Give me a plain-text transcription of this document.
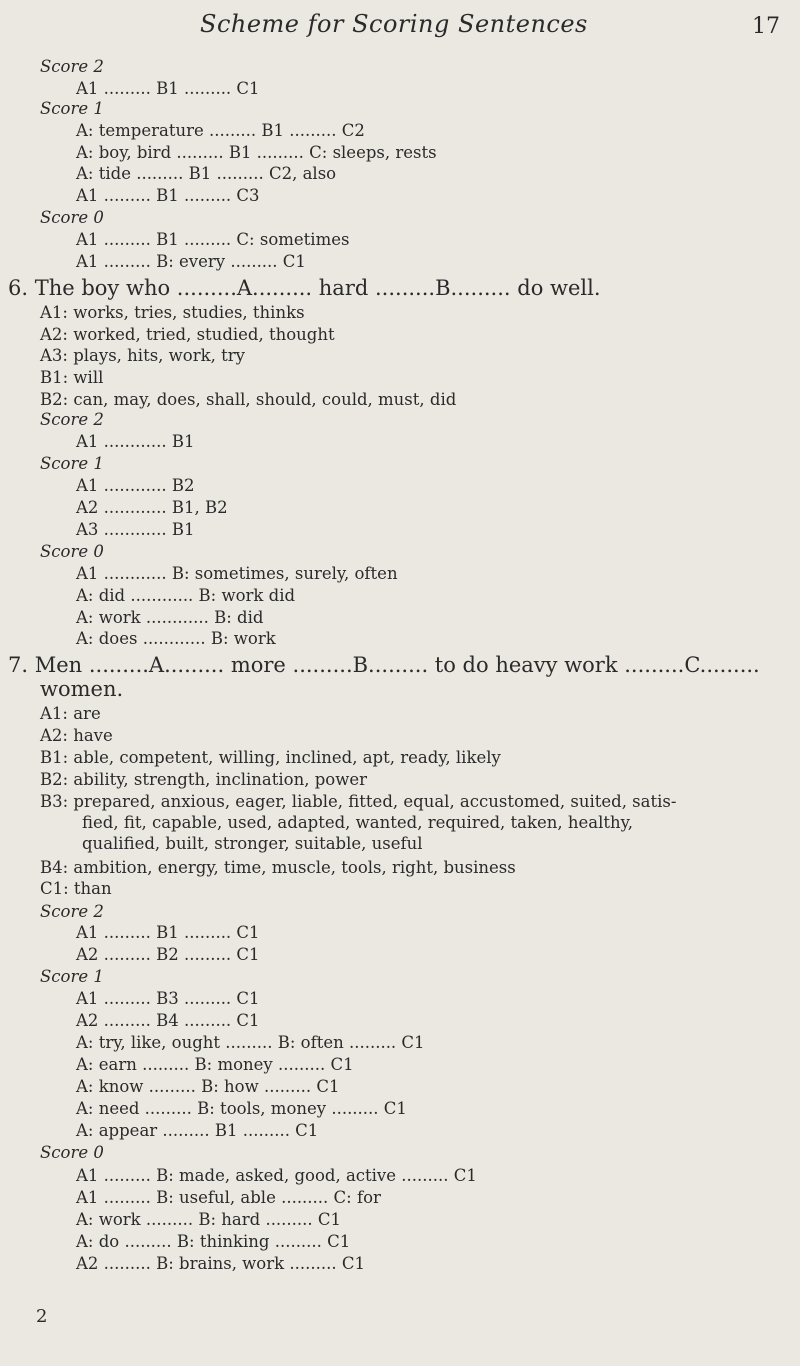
Scheme for Scoring Sentences	17
Score 2
A1 ......... B1 ......... C1
Score 1
A: temperature ......... B1 ......... C2
A: boy, bird ......... B1 ......... C: sleeps, rests
A: tide ......... B1 ......... C2, also
A1 ......... B1 ......... C3
Score 0
A1 ......... B1 ......... C: sometimes
A1 ......... B: every ......... C1
6. The boy who .........A......... hard .........B......... do well.
A1: works, tries, studies, thinks
A2: worked, tried, studied, thought
A3: plays, hits, work, try
B1: will
B2: can, may, does, shall, should, could, must, did
Score 2
A1 ............ B1
Score 1
A1 ............ B2
A2 ............ B1, B2
A3 ............ B1
Score 0
A1 ............ B: sometimes, surely, often
A: did ............ B: work did
A: work ............ B: did
A: does ............ B: work
7. Men .........A......... more .........B......... to do heavy work .........C.........
women.
A1: are
A2: have
B1: able, competent, willing, inclined, apt, ready, likely
B2: ability, strength, inclination, power
B3: prepared, anxious, eager, liable, fitted, equal, accustomed, suited, satis-
fied, fit, capable, used, adapted, wanted, required, taken, healthy,
qualified, built, stronger, suitable, useful
B4: ambition, energy, time, muscle, tools, right, business
C1: than
Score 2
A1 ......... B1 ......... C1
A2 ......... B2 ......... C1
Score 1
A1 ......... B3 ......... C1
A2 ......... B4 ......... C1
A: try, like, ought ......... B: often ......... C1
A: earn ......... B: money ......... C1
A: know ......... B: how ......... C1
A: need ......... B: tools, money ......... C1
A: appear ......... B1 ......... C1
Score 0
A1 ......... B: made, asked, good, active ......... C1
A1 ......... B: useful, able ......... C: for
A: work ......... B: hard ......... C1
A: do ......... B: thinking ......... C1
A2 ......... B: brains, work ......... C1
2
